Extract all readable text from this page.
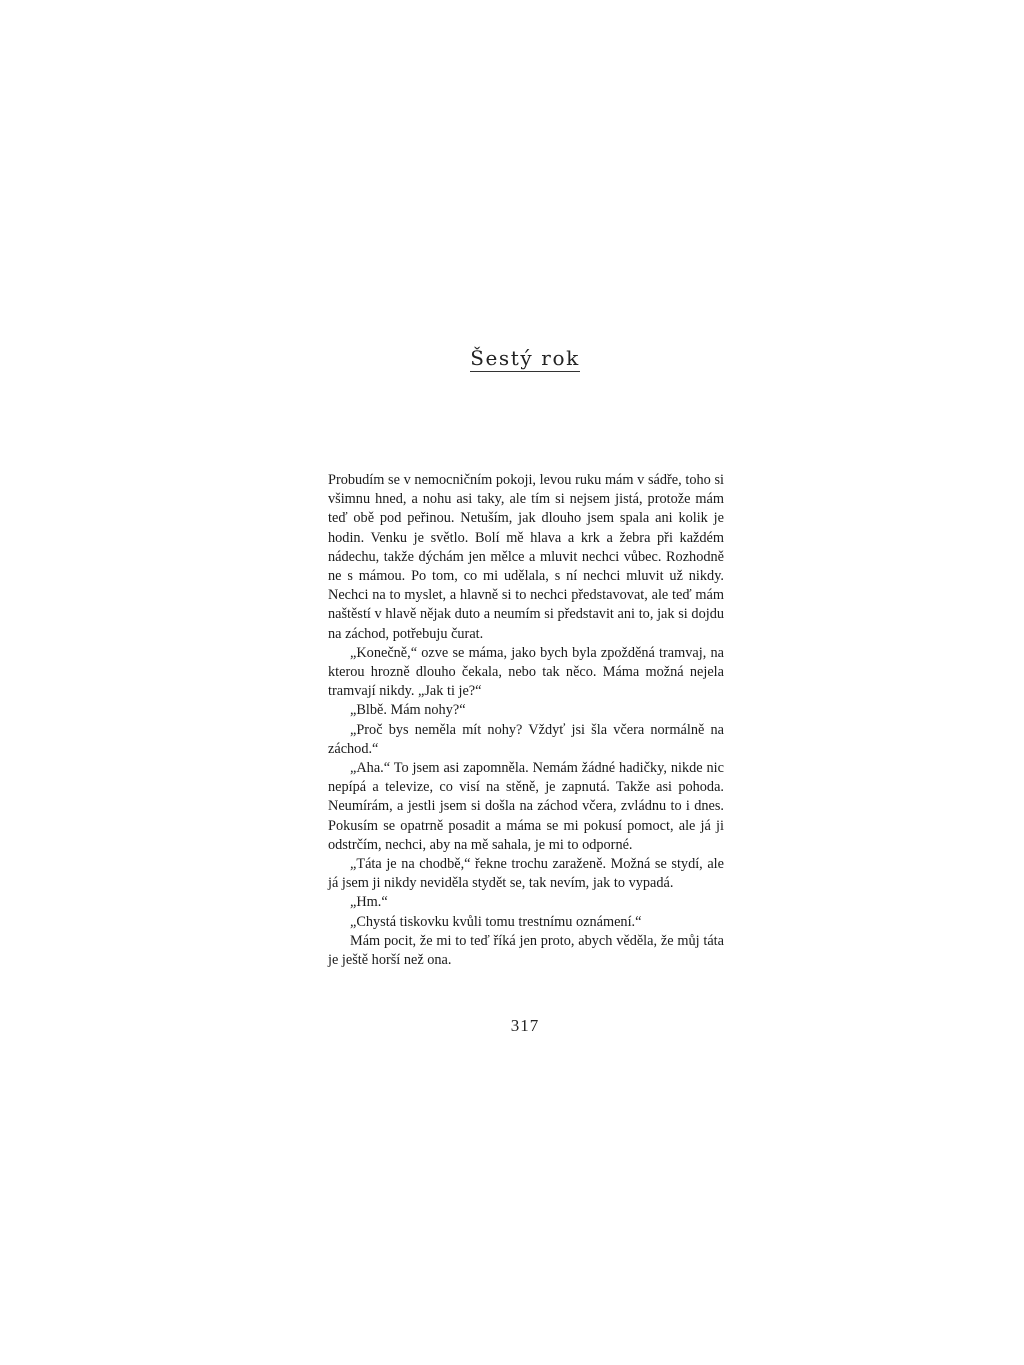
Šestý rok

Probudím se v nemocničním pokoji, levou ruku mám v sádře, toho si všimnu hned, a nohu asi taky, ale tím si nejsem jistá, protože mám teď obě pod peřinou. Netuším, jak dlouho jsem spala ani kolik je hodin. Venku je světlo. Bolí mě hlava a krk a žebra při každém nádechu, takže dýchám jen mělce a mluvit nechci vůbec. Rozhodně ne s mámou. Po tom, co mi udělala, s ní nechci mluvit už nikdy. Nechci na to myslet, a hlavně si to nechci představovat, ale teď mám naštěstí v hlavě nějak duto a neumím si představit ani to, jak si dojdu na záchod, potřebuju čurat.

„Konečně,“ ozve se máma, jako bych byla zpožděná tramvaj, na kterou hrozně dlouho čekala, nebo tak něco. Máma možná nejela tramvají nikdy. „Jak ti je?“

„Blbě. Mám nohy?“

„Proč bys neměla mít nohy? Vždyť jsi šla včera normálně na záchod.“

„Aha.“ To jsem asi zapomněla. Nemám žádné hadičky, nikde nic nepípá a televize, co visí na stěně, je zapnutá. Takže asi pohoda. Neumírám, a jestli jsem si došla na záchod včera, zvládnu to i dnes. Pokusím se opatrně posadit a máma se mi pokusí pomoct, ale já ji odstrčím, nechci, aby na mě sahala, je mi to odporné.

„Táta je na chodbě,“ řekne trochu zaraženě. Možná se stydí, ale já jsem ji nikdy neviděla stydět se, tak nevím, jak to vypadá.

„Hm.“

„Chystá tiskovku kvůli tomu trestnímu oznámení.“

Mám pocit, že mi to teď říká jen proto, abych věděla, že můj táta je ještě horší než ona.

317
